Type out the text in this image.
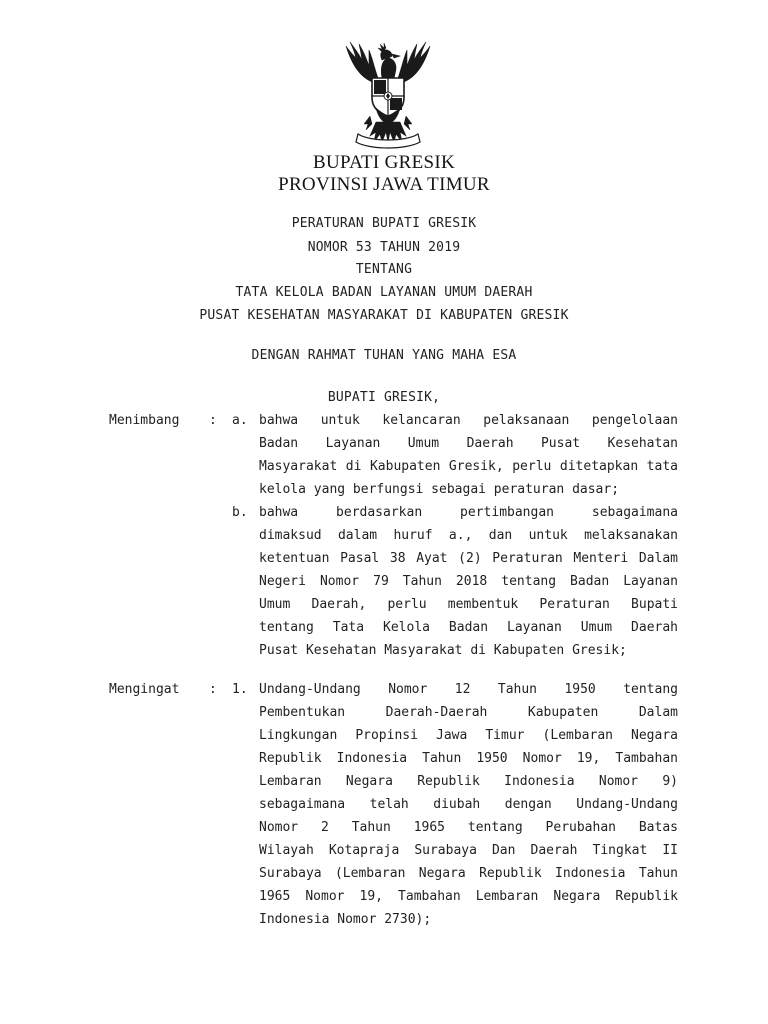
BUPATI GRESIK
PROVINSI JAWA TIMUR
PERATURAN BUPATI GRESIK
NOMOR 53 TAHUN 2019
TENTANG
TATA KELOLA BADAN LAYANAN UMUM DAERAH
PUSAT KESEHATAN MASYARAKAT DI KABUPATEN GRESIK
DENGAN RAHMAT TUHAN YANG MAHA ESA
BUPATI GRESIK,
Menimbang : a. bahwa untuk kelancaran pelaksanaan pengelolaan
Badan Layanan Umum Daerah Pusat Kesehatan
Masyarakat di Kabupaten Gresik, perlu ditetapkan tata
kelola yang berfungsi sebagai peraturan dasar;
b. bahwa berdasarkan pertimbangan sebagaimana
dimaksud dalam huruf a., dan untuk melaksanakan
ketentuan Pasal 38 Ayat (2) Peraturan Menteri Dalam
Negeri Nomor 79 Tahun 2018 tentang Badan Layanan
Umum Daerah, perlu membentuk Peraturan Bupati
tentang Tata Kelola Badan Layanan Umum Daerah
Pusat Kesehatan Masyarakat di Kabupaten Gresik;
Mengingat : 1. Undang-Undang Nomor 12 Tahun 1950 tentang
Pembentukan Daerah-Daerah Kabupaten Dalam
Lingkungan Propinsi Jawa Timur (Lembaran Negara
Republik Indonesia Tahun 1950 Nomor 19, Tambahan
Lembaran Negara Republik Indonesia Nomor 9)
sebagaimana telah diubah dengan Undang-Undang
Nomor 2 Tahun 1965 tentang Perubahan Batas
Wilayah Kotapraja Surabaya Dan Daerah Tingkat II
Surabaya (Lembaran Negara Republik Indonesia Tahun
1965 Nomor 19, Tambahan Lembaran Negara Republik
Indonesia Nomor 2730);
